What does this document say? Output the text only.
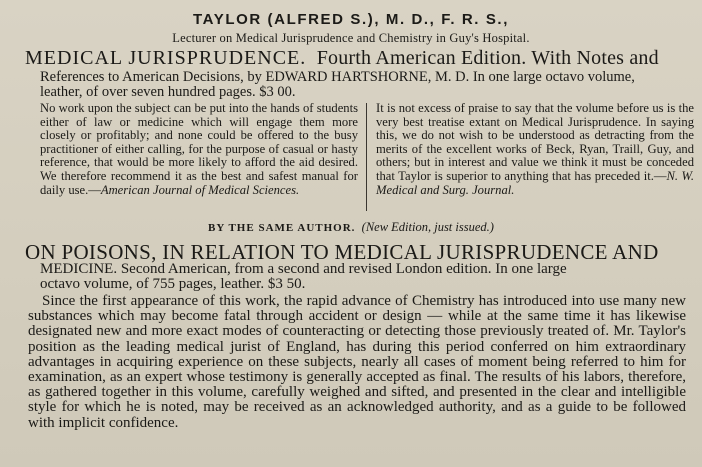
TAYLOR (ALFRED S.), M. D., F. R. S.,
Lecturer on Medical Jurisprudence and Chemistry in Guy's Hospital.
MEDICAL JURISPRUDENCE. Fourth American Edition. With Notes and
References to American Decisions, by EDWARD HARTSHORNE, M. D. In one large octavo volume,
leather, of over seven hundred pages. $3 00.

No work upon the subject can be put into the hands of students either of law or medicine which will engage them more closely or profitably; and none could be offered to the busy practitioner of either calling, for the purpose of casual or hasty reference, that would be more likely to afford the aid desired. We therefore recommend it as the best and safest manual for daily use.—American Journal of Medical Sciences.

It is not excess of praise to say that the volume before us is the very best treatise extant on Medical Jurisprudence. In saying this, we do not wish to be understood as detracting from the merits of the excellent works of Beck, Ryan, Traill, Guy, and others; but in interest and value we think it must be conceded that Taylor is superior to anything that has preceded it.—N. W. Medical and Surg. Journal.

BY THE SAME AUTHOR. (New Edition, just issued.)
ON POISONS, IN RELATION TO MEDICAL JURISPRUDENCE AND
MEDICINE. Second American, from a second and revised London edition. In one large
octavo volume, of 755 pages, leather. $3 50.

Since the first appearance of this work, the rapid advance of Chemistry has introduced into use many new substances which may become fatal through accident or design — while at the same time it has likewise designated new and more exact modes of counteracting or detecting those previously treated of. Mr. Taylor's position as the leading medical jurist of England, has during this period conferred on him extraordinary advantages in acquiring experience on these subjects, nearly all cases of moment being referred to him for examination, as an expert whose testimony is generally accepted as final. The results of his labors, therefore, as gathered together in this volume, carefully weighed and sifted, and presented in the clear and intelligible style for which he is noted, may be received as an acknowledged authority, and as a guide to be followed with implicit confidence.
